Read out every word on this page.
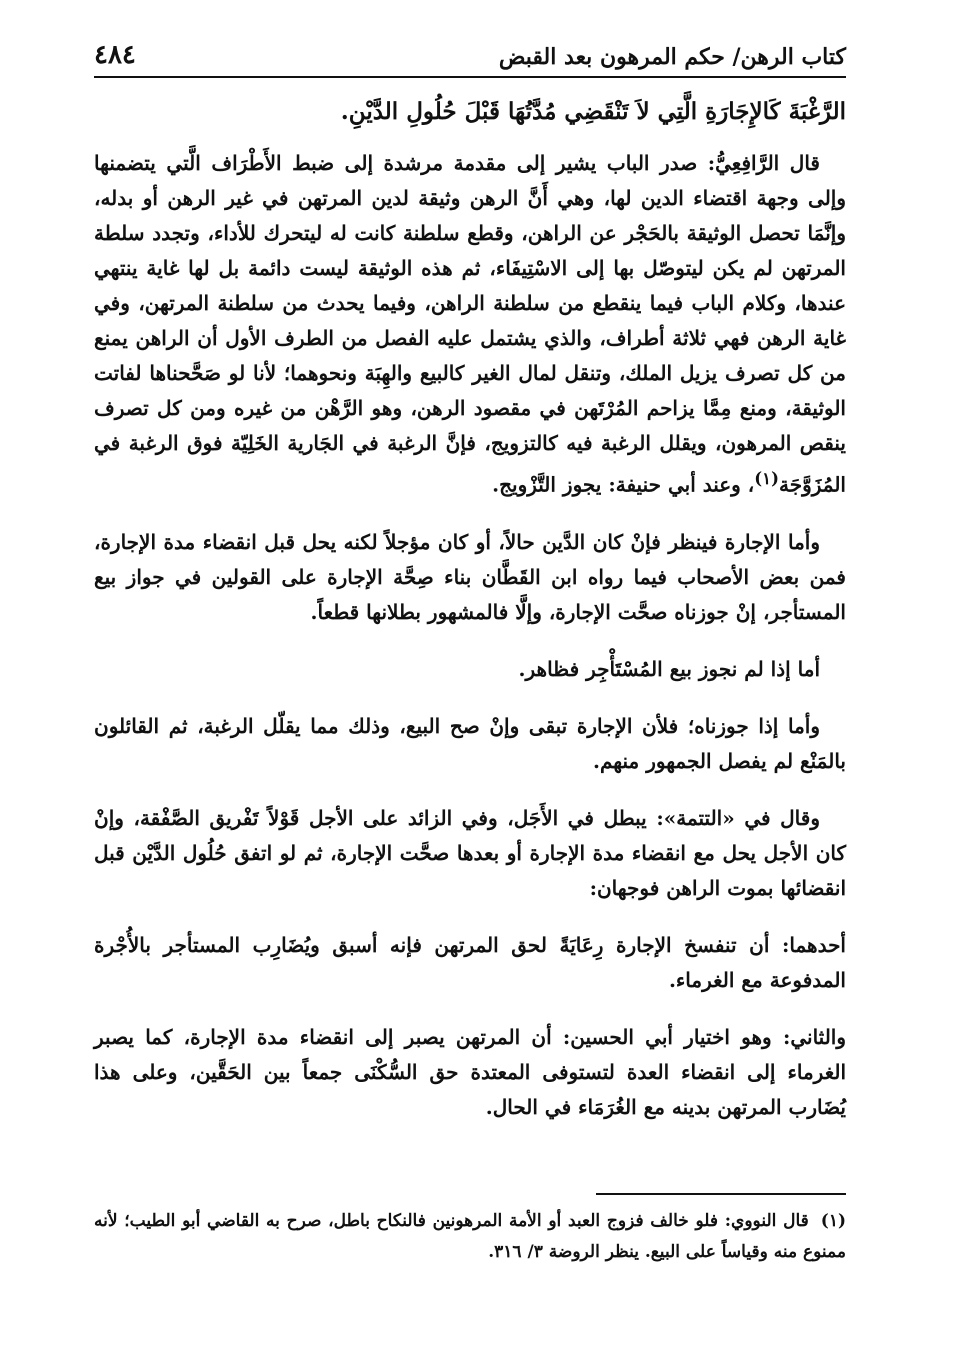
كتاب الرهن/ حكم المرهون بعد القبض
٤٨٤

الرَّغْبَةَ كَالإِجَارَةِ الَّتِي لاَ تَنْقَضِي مُدَّتُهَا قَبْلَ حُلُولِ الدَّيْنِ.

قال الرَّافِعِيُّ: صدر الباب يشير إلى مقدمة مرشدة إلى ضبط الأَطْرَاف الَّتي يتضمنها وإلى وجهة اقتضاء الدين لها، وهي أَنَّ الرهن وثيقة لدين المرتهن في غير الرهن أو بدله، وإنَّمَا تحصل الوثيقة بالحَجْر عن الراهن، وقطع سلطنة كانت له ليتحرك للأداء، وتجدد سلطة المرتهن لم يكن ليتوصّل بها إلى الاسْتِيفَاء، ثم هذه الوثيقة ليست دائمة بل لها غاية ينتهي عندها، وكلام الباب فيما ينقطع من سلطنة الراهن، وفيما يحدث من سلطنة المرتهن، وفي غاية الرهن فهي ثلاثة أطراف، والذي يشتمل عليه الفصل من الطرف الأول أن الراهن يمنع من كل تصرف يزيل الملك، وتنقل لمال الغير كالبيع والهِبَة ونحوهما؛ لأنا لو صَحَّحناها لفاتت الوثيقة، ومنع مِمَّا يزاحم المُرْتَهن في مقصود الرهن، وهو الرَّهْن من غيره ومن كل تصرف ينقص المرهون، ويقلل الرغبة فيه كالتزويج، فإنَّ الرغبة في الجَارية الخَلِيّة فوق الرغبة في المُزَوَّجَة$^{(١)}$، وعند أبي حنيفة: يجوز التَّزْويج.

وأما الإجارة فينظر فإنْ كان الدَّين حالاً، أو كان مؤجلاً لكنه يحل قبل انقضاء مدة الإجارة، فمن بعض الأصحاب فيما رواه ابن القَطَّان بناء صِحَّة الإجارة على القولين في جواز بيع المستأجر، إنْ جوزناه صحَّت الإجارة، وإلَّا فالمشهور بطلانها قطعاً.

أما إذا لم نجوز بيع المُسْتَأْجِر فظاهر.

وأما إذا جوزناه؛ فلأن الإجارة تبقى وإنْ صح البيع، وذلك مما يقلّل الرغبة، ثم القائلون بالمَنْع لم يفصل الجمهور منهم.

وقال في «التتمة»: يبطل في الأَجَل، وفي الزائد على الأجل قَوْلاً تَفْريق الصَّفْقة، وإنْ كان الأجل يحل مع انقضاء مدة الإجارة أو بعدها صحَّت الإجارة، ثم لو اتفق حُلُول الدَّيْن قبل انقضائها بموت الراهن فوجهان:

أحدهما: أن تنفسخ الإجارة رِعَايَةً لحق المرتهن فإنه أسبق ويُضَارِب المستأجر بالأُجْرة المدفوعة مع الغرماء.

والثاني: وهو اختيار أبي الحسين: أن المرتهن يصبر إلى انقضاء مدة الإجارة، كما يصبر الغرماء إلى انقضاء العدة لتستوفى المعتدة حق السُّكْنَى جمعاً بين الحَقَّين، وعلى هذا يُضَارب المرتهن بدينه مع الغُرَمَاء في الحال.

(١)قال النووي: فلو خالف فزوج العبد أو الأمة المرهونين فالنكاح باطل، صرح به القاضي أبو الطيب؛ لأنه ممنوع منه وقياساً على البيع. ينظر الروضة ٣/ ٣١٦.
